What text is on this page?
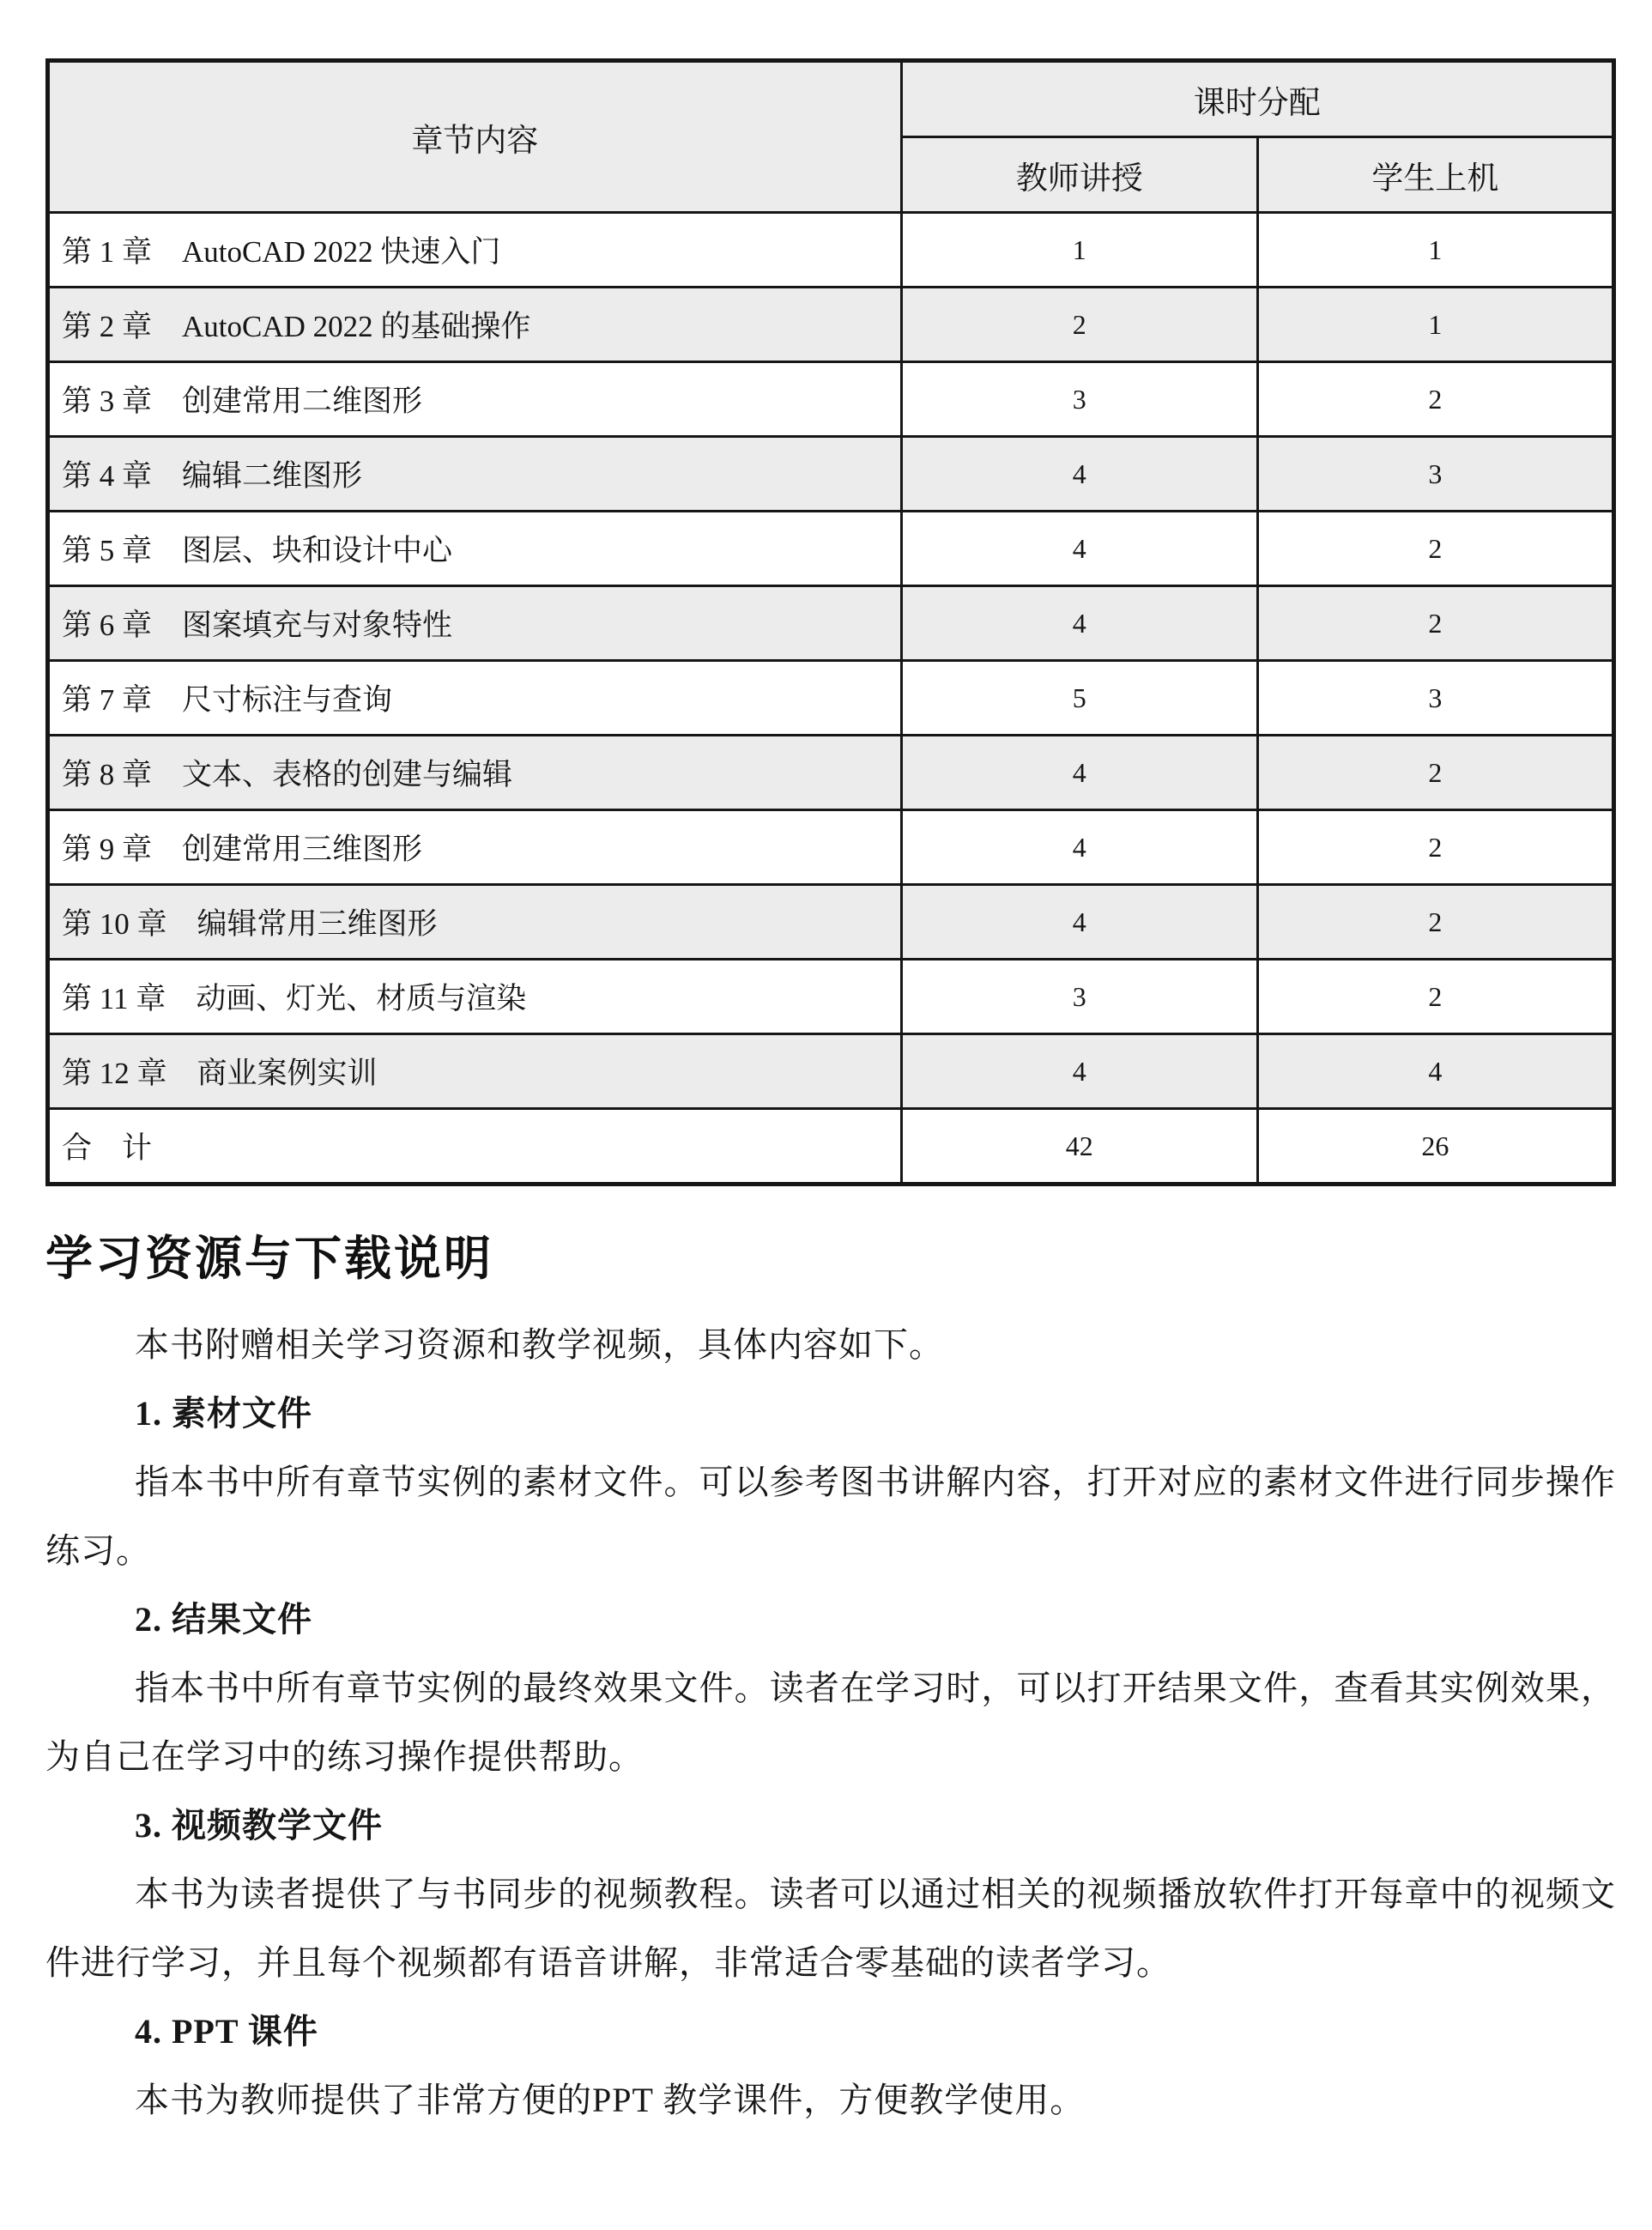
章节内容	课时分配	
	教师讲授	学生上机
第 1 章　AutoCAD 2022 快速入门	1	1
第 2 章　AutoCAD 2022 的基础操作	2	1
第 3 章　创建常用二维图形	3	2
第 4 章　编辑二维图形	4	3
第 5 章　图层、块和设计中心	4	2
第 6 章　图案填充与对象特性	4	2
第 7 章　尺寸标注与查询	5	3
第 8 章　文本、表格的创建与编辑	4	2
第 9 章　创建常用三维图形	4	2
第 10 章　编辑常用三维图形	4	2
第 11 章　动画、灯光、材质与渲染	3	2
第 12 章　商业案例实训	4	4
合　计	42	26
学习资源与下载说明

本书附赠相关学习资源和教学视频，具体内容如下。

1. 素材文件

指本书中所有章节实例的素材文件。可以参考图书讲解内容，打开对应的素材文件进行同步操作练习。

2. 结果文件

指本书中所有章节实例的最终效果文件。读者在学习时，可以打开结果文件，查看其实例效果，为自己在学习中的练习操作提供帮助。

3. 视频教学文件

本书为读者提供了与书同步的视频教程。读者可以通过相关的视频播放软件打开每章中的视频文件进行学习，并且每个视频都有语音讲解，非常适合零基础的读者学习。

4. PPT 课件

本书为教师提供了非常方便的PPT 教学课件，方便教学使用。
